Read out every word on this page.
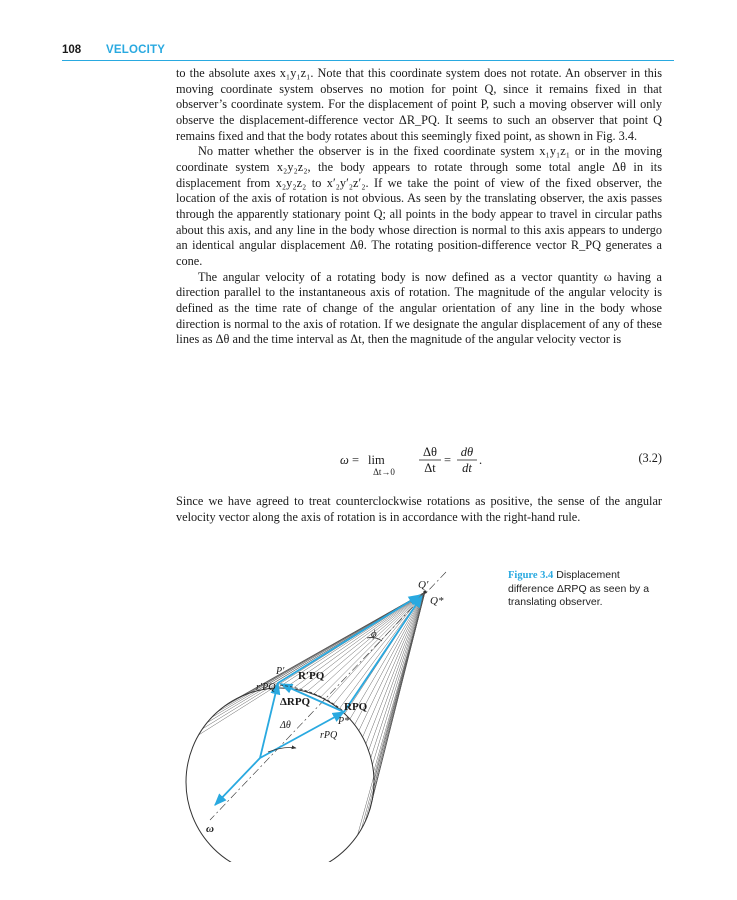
108 VELOCITY

to the absolute axes x₁y₁z₁. Note that this coordinate system does not rotate. An observer in this moving coordinate system observes no motion for point Q, since it remains fixed in that observer’s coordinate system. For the displacement of point P, such a moving observer will only observe the displacement-difference vector ΔR_PQ. It seems to such an observer that point Q remains fixed and that the body rotates about this seemingly fixed point, as shown in Fig. 3.4.

No matter whether the observer is in the fixed coordinate system x₁y₁z₁ or in the moving coordinate system x₂y₂z₂, the body appears to rotate through some total angle Δθ in its displacement from x₂y₂z₂ to x′₂y′₂z′₂. If we take the point of view of the fixed observer, the location of the axis of rotation is not obvious. As seen by the translating observer, the axis passes through the apparently stationary point Q; all points in the body appear to travel in circular paths about this axis, and any line in the body whose direction is normal to this axis appears to undergo an identical angular displacement Δθ. The rotating position-difference vector R_PQ generates a cone.

The angular velocity of a rotating body is now defined as a vector quantity ω having a direction parallel to the instantaneous axis of rotation. The magnitude of the angular velocity is defined as the time rate of change of the angular orientation of any line in the body whose direction is normal to the axis of rotation. If we designate the angular displacement of any of these lines as Δθ and the time interval as Δt, then the magnitude of the angular velocity vector is

ω = lim
Δt→0
Δθ
Δt
=
dθ
dt
.	(3.2)

Since we have agreed to treat counterclockwise rotations as positive, the sense of the angular velocity vector along the axis of rotation is in accordance with the right-hand rule.

Q′
Q*
ϕ
P′ R′PQ
r′PQ
ΔRPQ	RPQ
P*
Δθ
rPQ
ω
Figure 3.4 Displacement difference ΔRPQ as seen by a translating observer.
